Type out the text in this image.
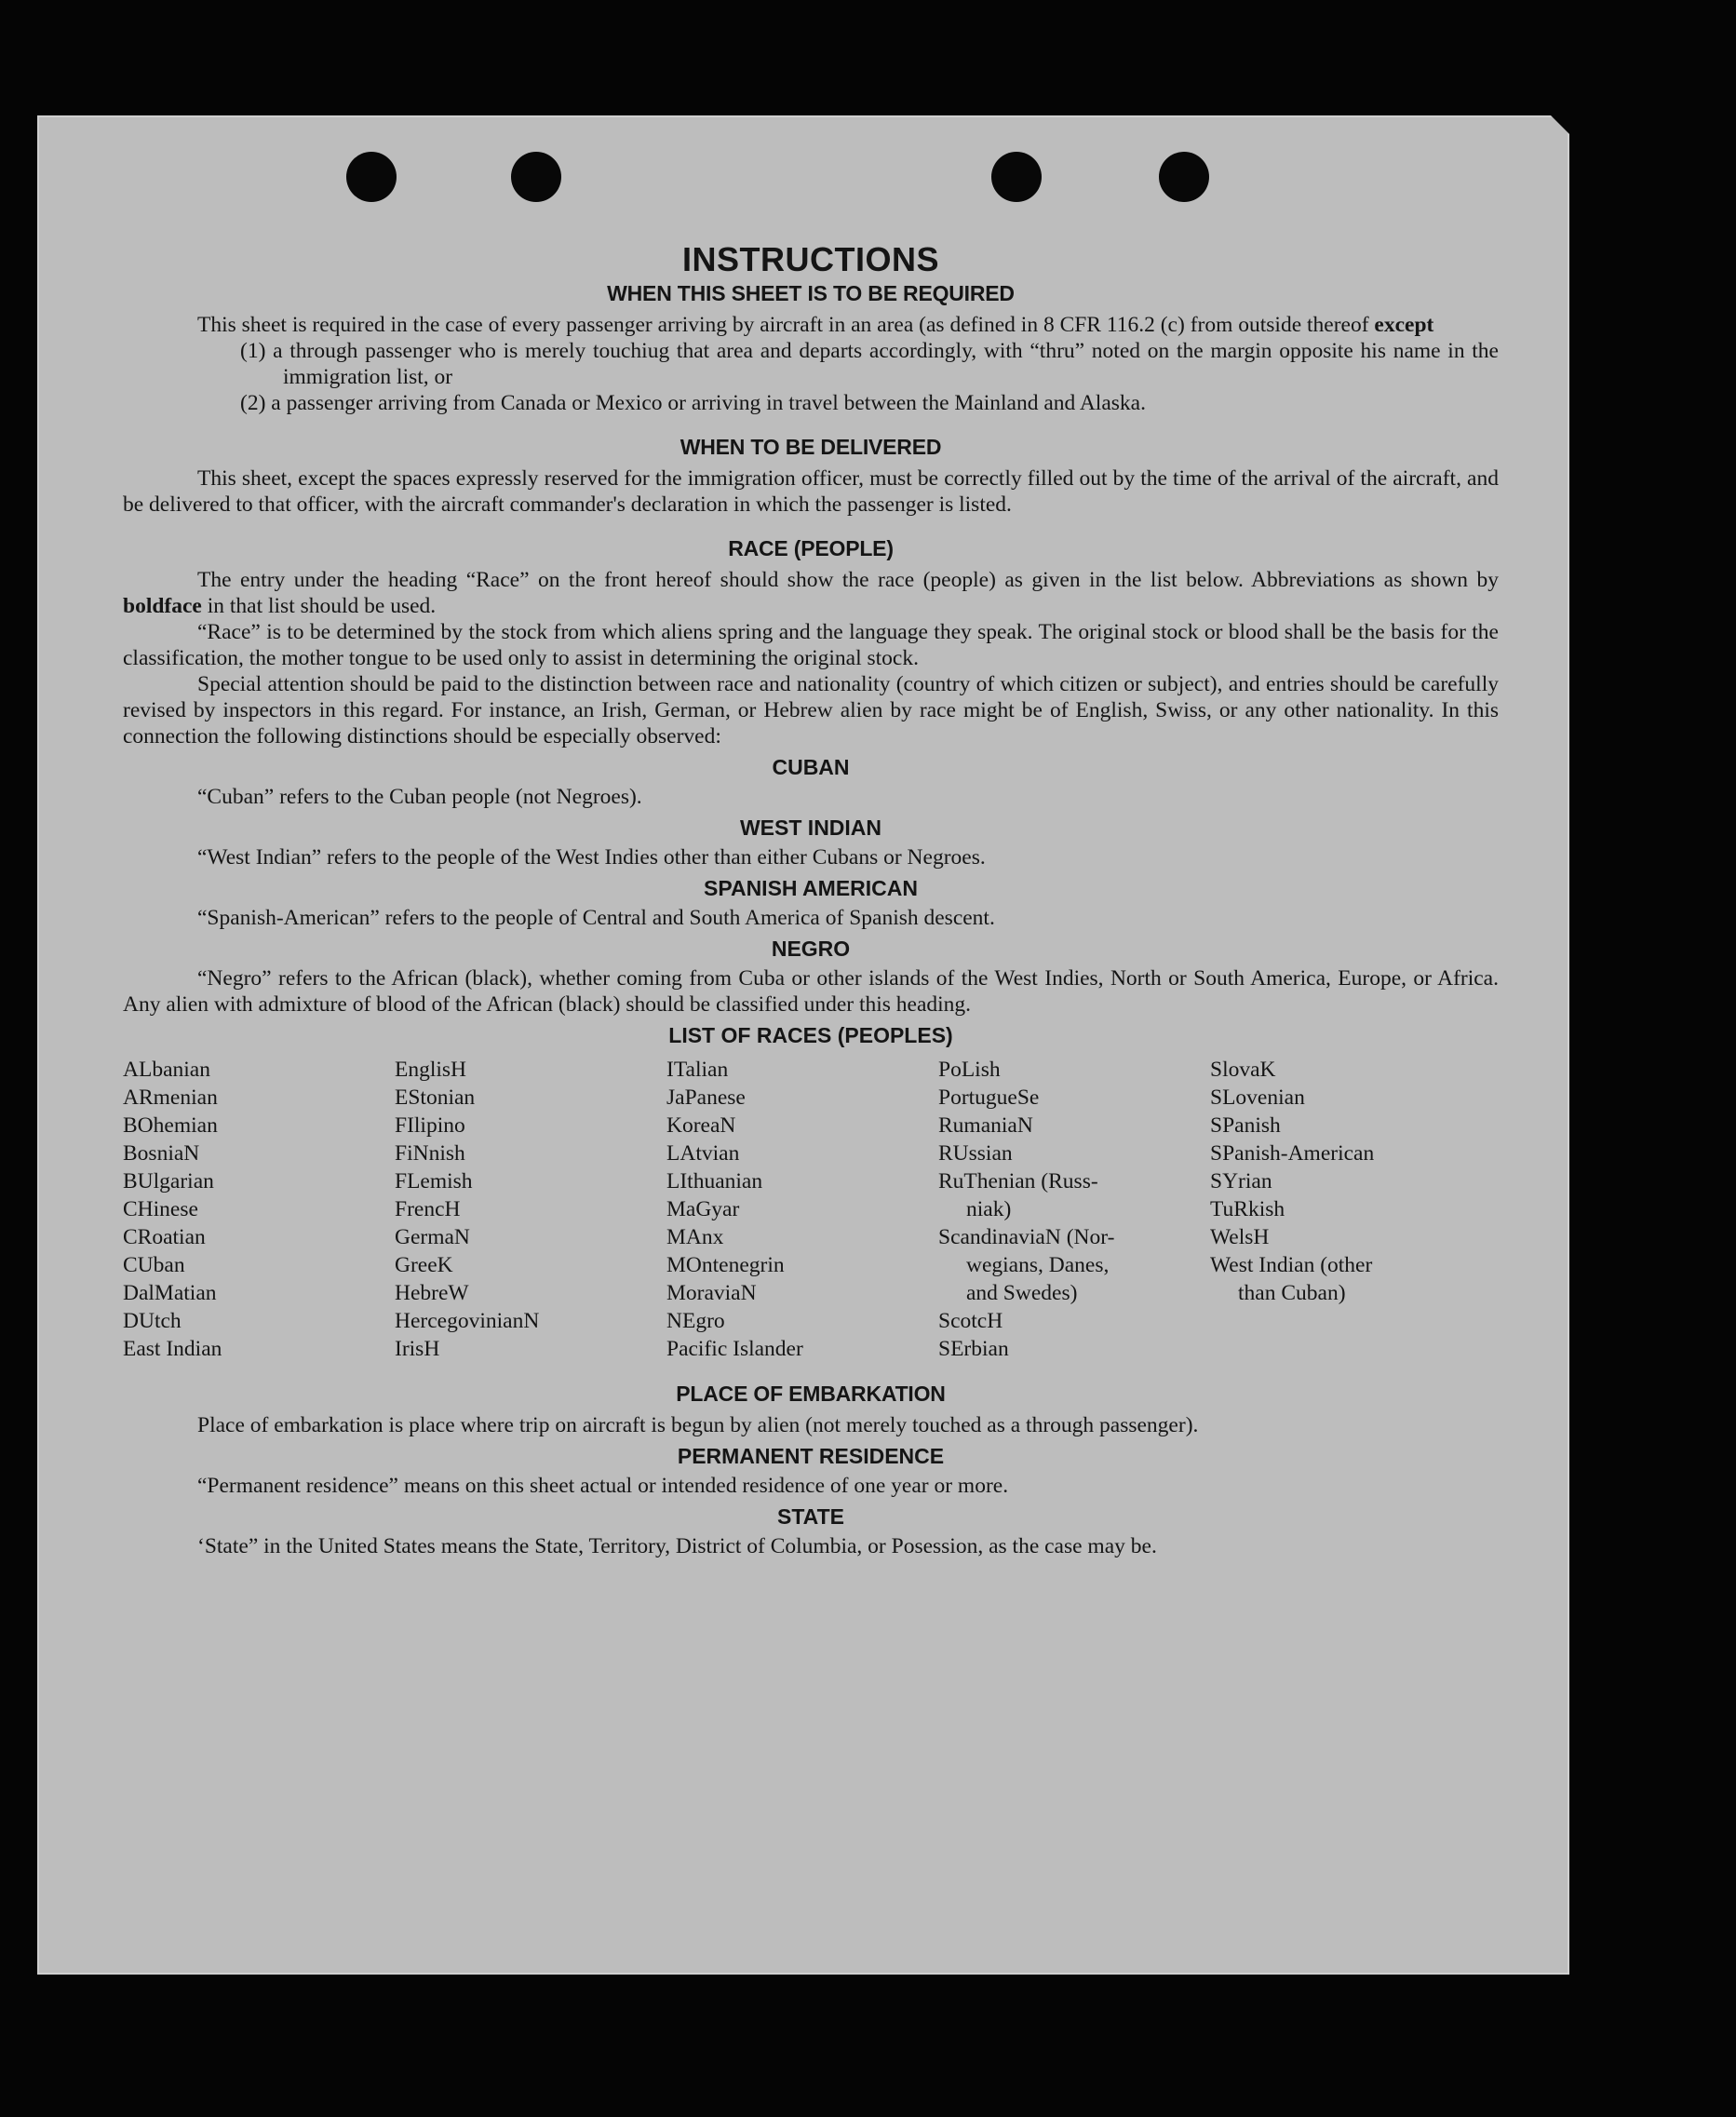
INSTRUCTIONS
WHEN THIS SHEET IS TO BE REQUIRED

This sheet is required in the case of every passenger arriving by aircraft in an area (as defined in 8 CFR 116.2 (c) from outside thereof except

(1) a through passenger who is merely touchiug that area and departs accordingly, with “thru” noted on the margin opposite his name in the immigration list, or

(2) a passenger arriving from Canada or Mexico or arriving in travel between the Mainland and Alaska.

WHEN TO BE DELIVERED

This sheet, except the spaces expressly reserved for the immigration officer, must be correctly filled out by the time of the arrival of the aircraft, and be delivered to that officer, with the aircraft commander's declaration in which the passenger is listed.

RACE (PEOPLE)

The entry under the heading “Race” on the front hereof should show the race (people) as given in the list below. Abbreviations as shown by boldface in that list should be used.

“Race” is to be determined by the stock from which aliens spring and the language they speak. The original stock or blood shall be the basis for the classification, the mother tongue to be used only to assist in determining the original stock.

Special attention should be paid to the distinction between race and nationality (country of which citizen or subject), and entries should be carefully revised by inspectors in this regard. For instance, an Irish, German, or Hebrew alien by race might be of English, Swiss, or any other nationality. In this connection the following distinctions should be especially observed:

CUBAN

“Cuban” refers to the Cuban people (not Negroes).

WEST INDIAN

“West Indian” refers to the people of the West Indies other than either Cubans or Negroes.

SPANISH AMERICAN

“Spanish-American” refers to the people of Central and South America of Spanish descent.

NEGRO

“Negro” refers to the African (black), whether coming from Cuba or other islands of the West Indies, North or South America, Europe, or Africa. Any alien with admixture of blood of the African (black) should be classified under this heading.

LIST OF RACES (PEOPLES)
ALbanian
ARmenian
BOhemian
BosniaN
BUlgarian
CHinese
CRoatian
CUban
DalMatian
DUtch
East Indian
EnglisH
EStonian
FIlipino
FiNnish
FLemish
FrencH
GermaN
GreeK
HebreW
HercegovinianN
IrisH
ITalian
JaPanese
KoreaN
LAtvian
LIthuanian
MaGyar
MAnx
MOntenegrin
MoraviaN
NEgro
Pacific Islander
PoLish
PortugueSe
RumaniaN
RUssian
RuThenian (Russ-
niak)
ScandinaviaN (Nor-
wegians, Danes,
and Swedes)
ScotcH
SErbian
SlovaK
SLovenian
SPanish
SPanish-American
SYrian
TuRkish
WelsH
West Indian (other
than Cuban)
PLACE OF EMBARKATION

Place of embarkation is place where trip on aircraft is begun by alien (not merely touched as a through passenger).

PERMANENT RESIDENCE

“Permanent residence” means on this sheet actual or intended residence of one year or more.

STATE

‘State” in the United States means the State, Territory, District of Columbia, or Posession, as the case may be.
